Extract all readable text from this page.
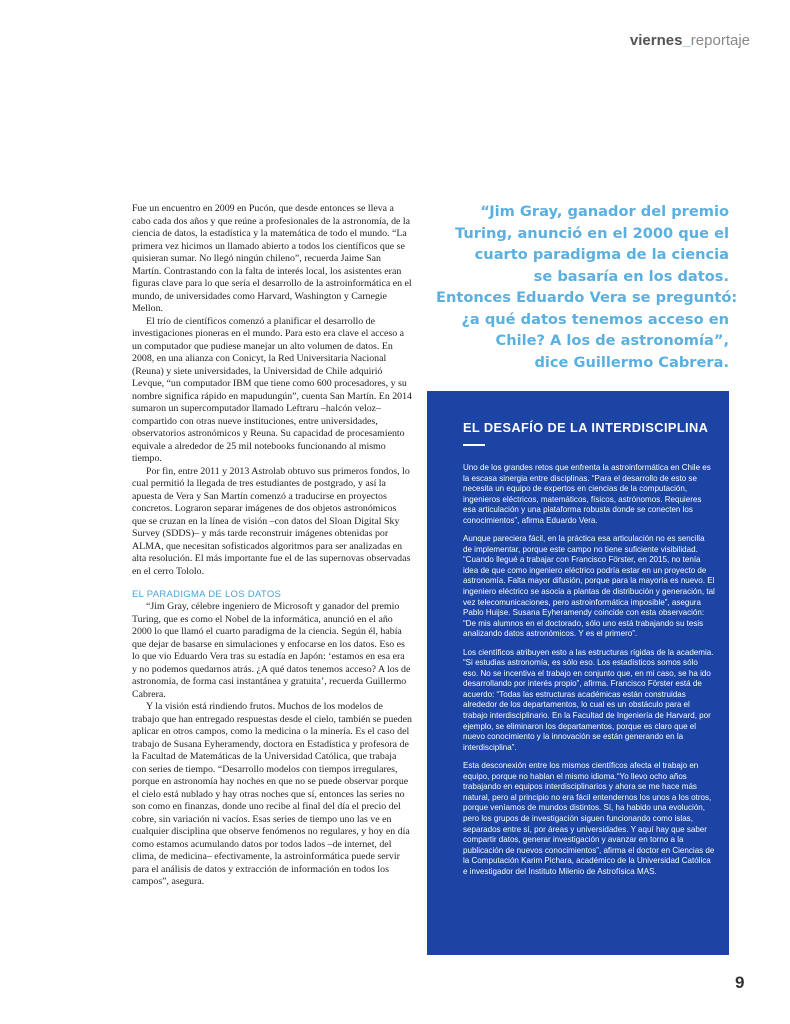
viernes_reportaje

Fue un encuentro en 2009 en Pucón, que desde entonces se lleva a cabo cada dos años y que reúne a profesionales de la astronomía, de la ciencia de datos, la estadística y la matemática de todo el mundo. “La primera vez hicimos un llamado abierto a todos los científicos que se quisieran sumar. No llegó ningún chileno”, recuerda Jaime San Martín. Contrastando con la falta de interés local, los asistentes eran figuras clave para lo que sería el desarrollo de la astroinformática en el mundo, de universidades como Harvard, Washington y Carnegie Mellon.

El trío de científicos comenzó a planificar el desarrollo de investigaciones pioneras en el mundo. Para esto era clave el acceso a un computador que pudiese manejar un alto volumen de datos. En 2008, en una alianza con Conicyt, la Red Universitaria Nacional (Reuna) y siete universidades, la Universidad de Chile adquirió Levque, “un computador IBM que tiene como 600 procesadores, y su nombre significa rápido en mapudungún”, cuenta San Martín. En 2014 sumaron un supercomputador llamado Leftraru –halcón veloz– compartido con otras nueve instituciones, entre universidades, observatorios astronómicos y Reuna. Su capacidad de procesamiento equivale a alrededor de 25 mil notebooks funcionando al mismo tiempo.

Por fin, entre 2011 y 2013 Astrolab obtuvo sus primeros fondos, lo cual permitió la llegada de tres estudiantes de postgrado, y así la apuesta de Vera y San Martín comenzó a traducirse en proyectos concretos. Lograron separar imágenes de dos objetos astronómicos que se cruzan en la línea de visión –con datos del Sloan Digital Sky Survey (SDDS)– y más tarde reconstruir imágenes obtenidas por ALMA, que necesitan sofisticados algoritmos para ser analizadas en alta resolución. El más importante fue el de las supernovas observadas en el cerro Tololo.

EL PARADIGMA DE LOS DATOS

“Jim Gray, célebre ingeniero de Microsoft y ganador del premio Turing, que es como el Nobel de la informática, anunció en el año 2000 lo que llamó el cuarto paradigma de la ciencia. Según él, había que dejar de basarse en simulaciones y enfocarse en los datos. Eso es lo que vio Eduardo Vera tras su estadía en Japón: ‘estamos en esa era y no podemos quedarnos atrás. ¿A qué datos tenemos acceso? A los de astronomía, de forma casi instantánea y gratuita’, recuerda Guillermo Cabrera.

Y la visión está rindiendo frutos. Muchos de los modelos de trabajo que han entregado respuestas desde el cielo, también se pueden aplicar en otros campos, como la medicina o la minería. Es el caso del trabajo de Susana Eyheramendy, doctora en Estadística y profesora de la Facultad de Matemáticas de la Universidad Católica, que trabaja con series de tiempo. “Desarrollo modelos con tiempos irregulares, porque en astronomía hay noches en que no se puede observar porque el cielo está nublado y hay otras noches que sí, entonces las series no son como en finanzas, donde uno recibe al final del día el precio del cobre, sin variación ni vacíos. Esas series de tiempo uno las ve en cualquier disciplina que observe fenómenos no regulares, y hoy en día como estamos acumulando datos por todos lados –de internet, del clima, de medicina– efectivamente, la astroinformática puede servir para el análisis de datos y extracción de información en todos los campos”, asegura.

“Jim Gray, ganador del premio
Turing, anunció en el 2000 que el
cuarto paradigma de la ciencia
se basaría en los datos.
Entonces Eduardo Vera se preguntó:
¿a qué datos tenemos acceso en
Chile? A los de astronomía”,
dice Guillermo Cabrera.
EL DESAFÍO DE LA INTERDISCIPLINA

Uno de los grandes retos que enfrenta la astroinformática en Chile es la escasa sinergia entre disciplinas. “Para el desarrollo de esto se necesita un equipo de expertos en ciencias de la computación, ingenieros eléctricos, matemáticos, físicos, astrónomos. Requieres esa articulación y una plataforma robusta donde se conecten los conocimientos”, afirma Eduardo Vera.

Aunque pareciera fácil, en la práctica esa articulación no es sencilla de implementar, porque este campo no tiene suficiente visibilidad. “Cuando llegué a trabajar con Francisco Förster, en 2015, no tenía idea de que como ingeniero eléctrico podría estar en un proyecto de astronomía. Falta mayor difusión, porque para la mayoría es nuevo. El ingeniero eléctrico se asocia a plantas de distribución y generación, tal vez telecomunicaciones, pero astroinformática imposible”, asegura Pablo Huijse. Susana Eyheramendy coincide con esta observación: “De mis alumnos en el doctorado, sólo uno está trabajando su tesis analizando datos astronómicos. Y es el primero”.

Los científicos atribuyen esto a las estructuras rígidas de la academia. “Si estudias astronomía, es sólo eso. Los estadísticos somos sólo eso. No se incentiva el trabajo en conjunto que, en mi caso, se ha ido desarrollando por interés propio”, afirma. Francisco Förster está de acuerdo: “Todas las estructuras académicas están construidas alrededor de los departamentos, lo cual es un obstáculo para el trabajo interdisciplinario. En la Facultad de Ingeniería de Harvard, por ejemplo, se eliminaron los departamentos, porque es claro que el nuevo conocimiento y la innovación se están generando en la interdisciplina”.

Esta desconexión entre los mismos científicos afecta el trabajo en equipo, porque no hablan el mismo idioma.“Yo llevo ocho años trabajando en equipos interdisciplinarios y ahora se me hace más natural, pero al principio no era fácil entendernos los unos a los otros, porque veníamos de mundos distintos. Sí, ha habido una evolución, pero los grupos de investigación siguen funcionando como islas, separados entre sí, por áreas y universidades. Y aquí hay que saber compartir datos, generar investigación y avanzar en torno a la publicación de nuevos conocimientos”, afirma el doctor en Ciencias de la Computación Karim Pichara, académico de la Universidad Católica e investigador del Instituto Milenio de Astrofísica MAS.

9
